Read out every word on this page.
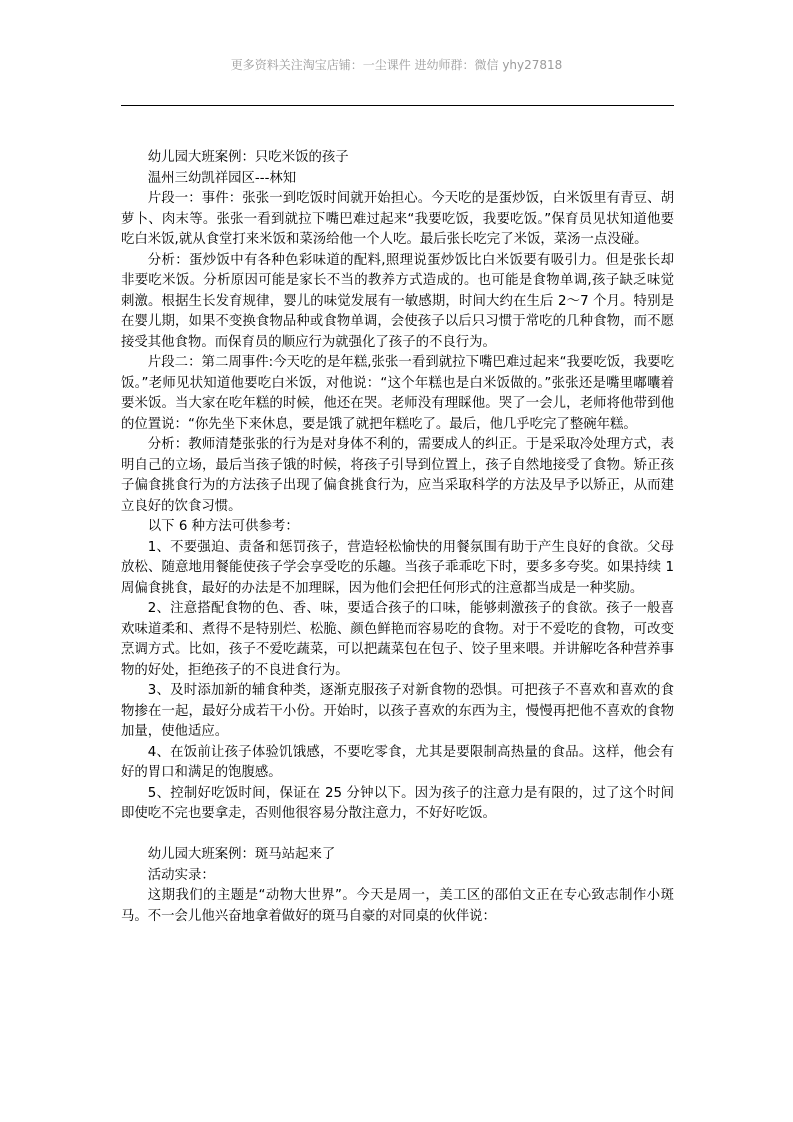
更多资料关注淘宝店铺：一尘课件 进幼师群：微信 yhy27818

幼儿园大班案例：只吃米饭的孩子

温州三幼凯祥园区---林知

片段一：事件：张张一到吃饭时间就开始担心。今天吃的是蛋炒饭，白米饭里有青豆、胡萝卜、肉末等。张张一看到就拉下嘴巴难过起来“我要吃饭，我要吃饭。”保育员见状知道他要吃白米饭,就从食堂打来米饭和菜汤给他一个人吃。最后张长吃完了米饭，菜汤一点没碰。

分析：蛋炒饭中有各种色彩味道的配料,照理说蛋炒饭比白米饭要有吸引力。但是张长却非要吃米饭。分析原因可能是家长不当的教养方式造成的。也可能是食物单调,孩子缺乏味觉刺激。根据生长发育规律，婴儿的味觉发展有一敏感期，时间大约在生后 2～7 个月。特别是在婴儿期，如果不变换食物品种或食物单调，会使孩子以后只习惯于常吃的几种食物，而不愿接受其他食物。而保育员的顺应行为就强化了孩子的不良行为。

片段二：第二周事件:今天吃的是年糕,张张一看到就拉下嘴巴难过起来“我要吃饭，我要吃饭。”老师见状知道他要吃白米饭，对他说：“这个年糕也是白米饭做的。”张张还是嘴里嘟囔着要米饭。当大家在吃年糕的时候，他还在哭。老师没有理睬他。哭了一会儿，老师将他带到他的位置说：“你先坐下来休息，要是饿了就把年糕吃了。最后，他几乎吃完了整碗年糕。

分析：教师清楚张张的行为是对身体不利的，需要成人的纠正。于是采取冷处理方式，表明自己的立场，最后当孩子饿的时候，将孩子引导到位置上，孩子自然地接受了食物。矫正孩子偏食挑食行为的方法孩子出现了偏食挑食行为，应当采取科学的方法及早予以矫正，从而建立良好的饮食习惯。

以下 6 种方法可供参考：

1、不要强迫、责备和惩罚孩子，营造轻松愉快的用餐氛围有助于产生良好的食欲。父母放松、随意地用餐能使孩子学会享受吃的乐趣。当孩子乖乖吃下时，要多多夸奖。如果持续 1 周偏食挑食，最好的办法是不加理睬，因为他们会把任何形式的注意都当成是一种奖励。

2、注意搭配食物的色、香、味，要适合孩子的口味，能够刺激孩子的食欲。孩子一般喜欢味道柔和、煮得不是特别烂、松脆、颜色鲜艳而容易吃的食物。对于不爱吃的食物，可改变烹调方式。比如，孩子不爱吃蔬菜，可以把蔬菜包在包子、饺子里来喂。并讲解吃各种营养事物的好处，拒绝孩子的不良进食行为。

3、及时添加新的辅食种类，逐渐克服孩子对新食物的恐惧。可把孩子不喜欢和喜欢的食物掺在一起，最好分成若干小份。开始时，以孩子喜欢的东西为主，慢慢再把他不喜欢的食物加量，使他适应。

4、在饭前让孩子体验饥饿感，不要吃零食，尤其是要限制高热量的食品。这样，他会有好的胃口和满足的饱腹感。

5、控制好吃饭时间，保证在 25 分钟以下。因为孩子的注意力是有限的，过了这个时间即使吃不完也要拿走，否则他很容易分散注意力，不好好吃饭。

幼儿园大班案例：斑马站起来了

活动实录：

这期我们的主题是“动物大世界”。今天是周一，美工区的邵伯文正在专心致志制作小斑马。不一会儿他兴奋地拿着做好的斑马自豪的对同桌的伙伴说：
